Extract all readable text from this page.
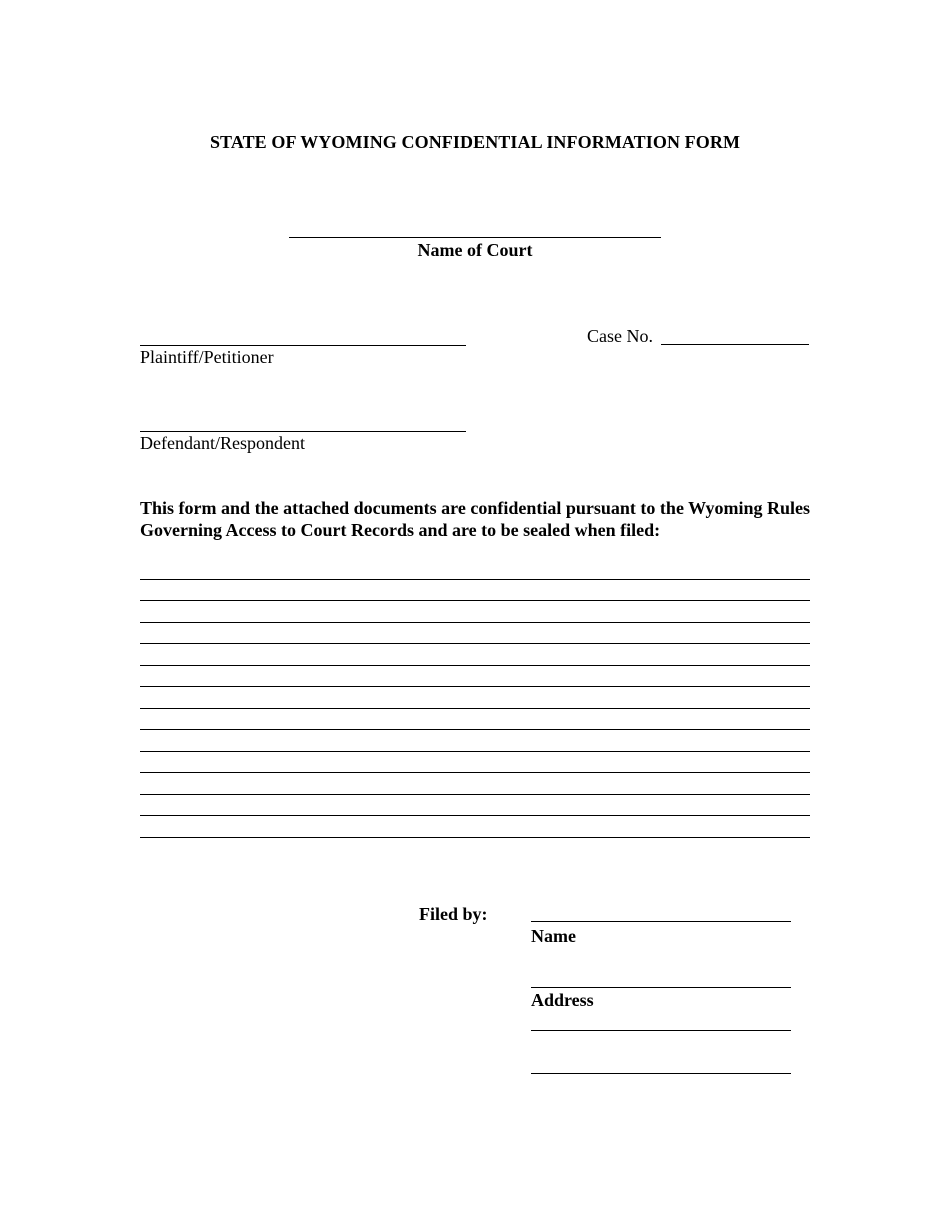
STATE OF WYOMING CONFIDENTIAL INFORMATION FORM
Name of Court
Plaintiff/Petitioner
Case No.
Defendant/Respondent
This form and the attached documents are confidential pursuant to the Wyoming Rules Governing Access to Court Records and are to be sealed when filed:
Filed by:
Name
Address
